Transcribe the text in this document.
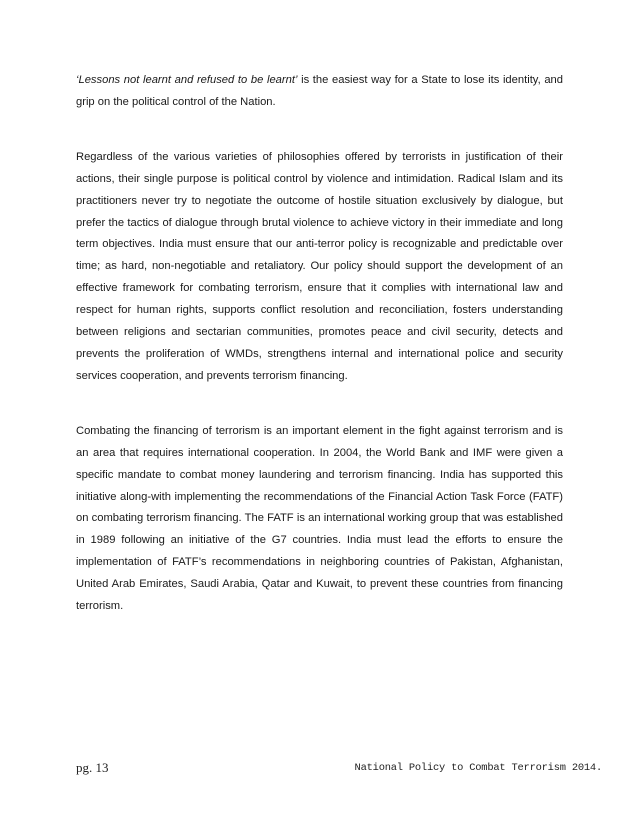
‘Lessons not learnt and refused to be learnt’ is the easiest way for a State to lose its identity, and grip on the political control of the Nation.

Regardless of the various varieties of philosophies offered by terrorists in justification of their actions, their single purpose is political control by violence and intimidation. Radical Islam and its practitioners never try to negotiate the outcome of hostile situation exclusively by dialogue, but prefer the tactics of dialogue through brutal violence to achieve victory in their immediate and long term objectives. India must ensure that our anti-terror policy is recognizable and predictable over time; as hard, non-negotiable and retaliatory. Our policy should support the development of an effective framework for combating terrorism, ensure that it complies with international law and respect for human rights, supports conflict resolution and reconciliation, fosters understanding between religions and sectarian communities, promotes peace and civil security, detects and prevents the proliferation of WMDs, strengthens internal and international police and security services cooperation, and prevents terrorism financing.

Combating the financing of terrorism is an important element in the fight against terrorism and is an area that requires international cooperation. In 2004, the World Bank and IMF were given a specific mandate to combat money laundering and terrorism financing. India has supported this initiative along-with implementing the recommendations of the Financial Action Task Force (FATF) on combating terrorism financing. The FATF is an international working group that was established in 1989 following an initiative of the G7 countries. India must lead the efforts to ensure the implementation of FATF’s recommendations in neighboring countries of Pakistan, Afghanistan, United Arab Emirates, Saudi Arabia, Qatar and Kuwait, to prevent these countries from financing terrorism.

pg. 13	National Policy to Combat Terrorism 2014.
